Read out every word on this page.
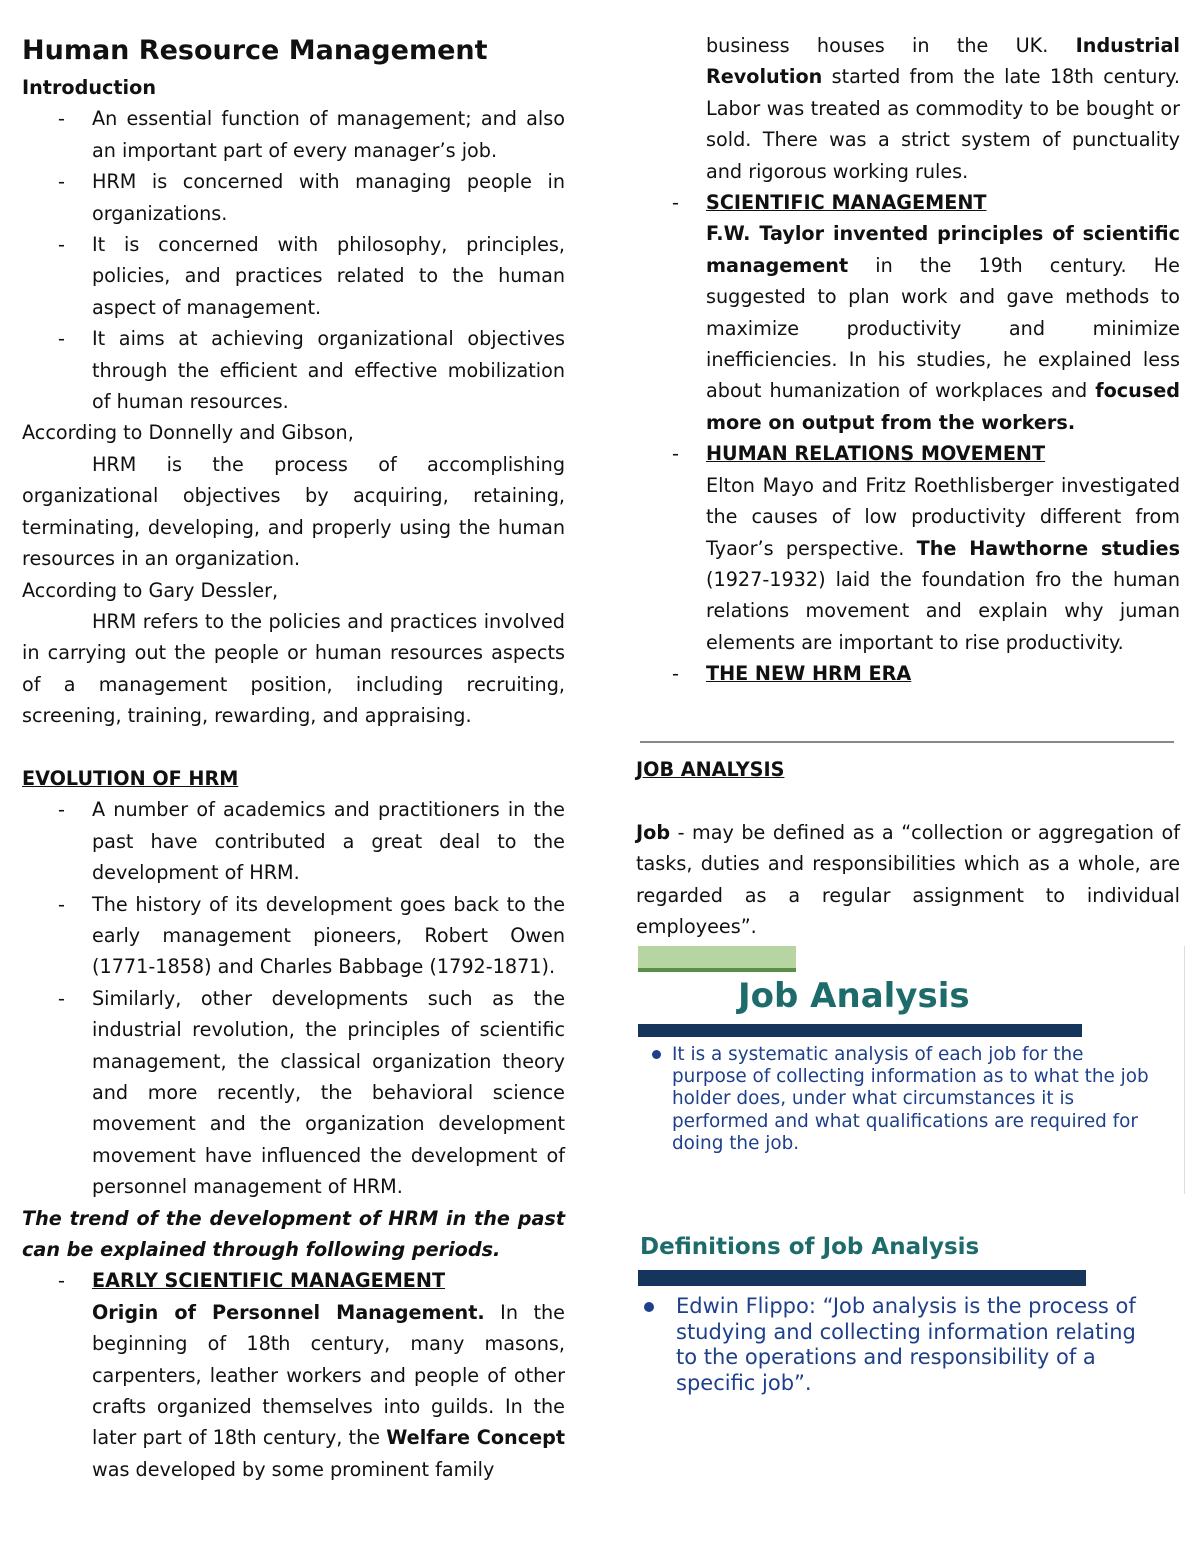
Human Resource Management

Introduction

- An essential function of management; and also an important part of every manager’s job.
- HRM is concerned with managing people in organizations.
- It is concerned with philosophy, principles, policies, and practices related to the human aspect of management.
- It aims at achieving organizational objectives through the efficient and effective mobilization of human resources.

According to Donnelly and Gibson,

HRM is the process of accomplishing organizational objectives by acquiring, retaining, terminating, developing, and properly using the human resources in an organization.

According to Gary Dessler,

HRM refers to the policies and practices involved in carrying out the people or human resources aspects of a management position, including recruiting, screening, training, rewarding, and appraising.

EVOLUTION OF HRM

- A number of academics and practitioners in the past have contributed a great deal to the development of HRM.
- The history of its development goes back to the early management pioneers, Robert Owen (1771-1858) and Charles Babbage (1792-1871).
- Similarly, other developments such as the industrial revolution, the principles of scientific management, the classical organization theory and more recently, the behavioral science movement and the organization development movement have influenced the development of personnel management of HRM.

The trend of the development of HRM in the past can be explained through following periods.

- EARLY SCIENTIFIC MANAGEMENT

Origin of Personnel Management. In the beginning of 18th century, many masons, carpenters, leather workers and people of other crafts organized themselves into guilds. In the later part of 18th century, the Welfare Concept was developed by some prominent family

business houses in the UK. Industrial Revolution started from the late 18th century. Labor was treated as commodity to be bought or sold. There was a strict system of punctuality and rigorous working rules.

- SCIENTIFIC MANAGEMENT

F.W. Taylor invented principles of scientific management in the 19th century. He suggested to plan work and gave methods to maximize productivity and minimize inefficiencies. In his studies, he explained less about humanization of workplaces and focused more on output from the workers.

- HUMAN RELATIONS MOVEMENT

Elton Mayo and Fritz Roethlisberger investigated the causes of low productivity different from Tyaor’s perspective. The Hawthorne studies (1927-1932) laid the foundation fro the human relations movement and explain why juman elements are important to rise productivity.

- THE NEW HRM ERA

JOB ANALYSIS

Job - may be defined as a “collection or aggregation of tasks, duties and responsibilities which as a whole, are regarded as a regular assignment to individual employees”.

Job Analysis
It is a systematic analysis of each job for the purpose of collecting information as to what the job holder does, under what circumstances it is performed and what qualifications are required for doing the job.
Definitions of Job Analysis
Edwin Flippo: “Job analysis is the process of studying and collecting information relating to the operations and responsibility of a specific job”.
